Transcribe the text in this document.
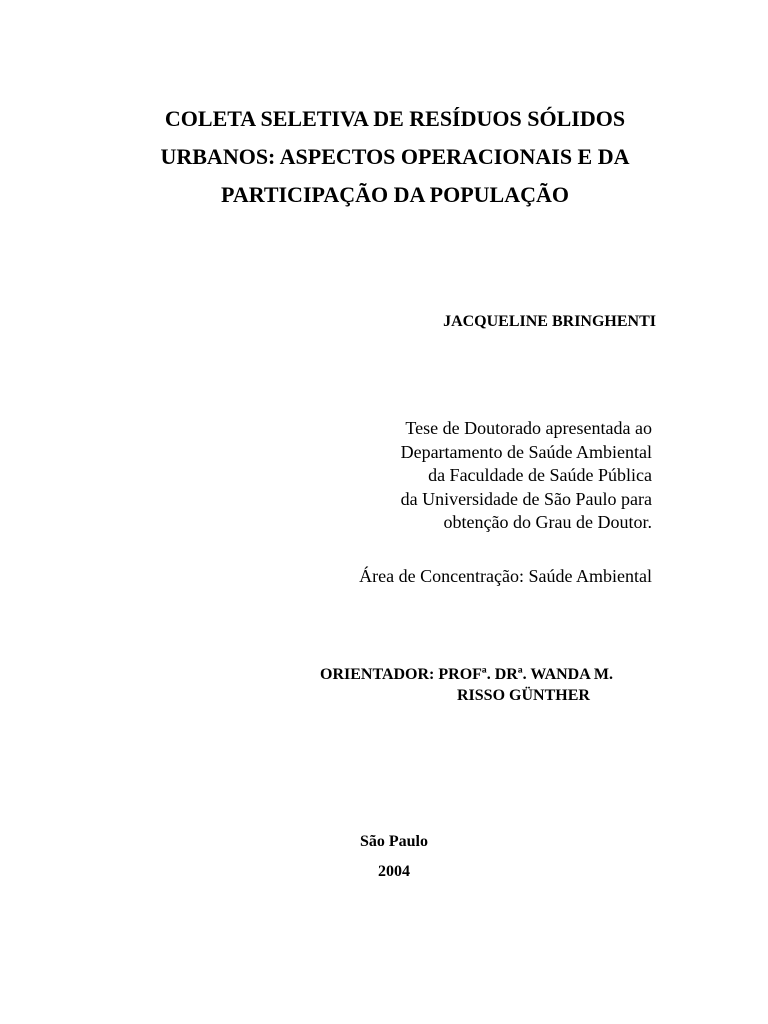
COLETA SELETIVA DE RESÍDUOS SÓLIDOS
URBANOS: ASPECTOS OPERACIONAIS E DA
PARTICIPAÇÃO DA POPULAÇÃO
JACQUELINE BRINGHENTI
Tese de Doutorado apresentada ao
Departamento de Saúde Ambiental
da Faculdade de Saúde Pública
da Universidade de São Paulo para
obtenção do Grau de Doutor.
Área de Concentração: Saúde Ambiental
ORIENTADOR: PROFª. DRª. WANDA M.
RISSO GÜNTHER
São Paulo
2004
